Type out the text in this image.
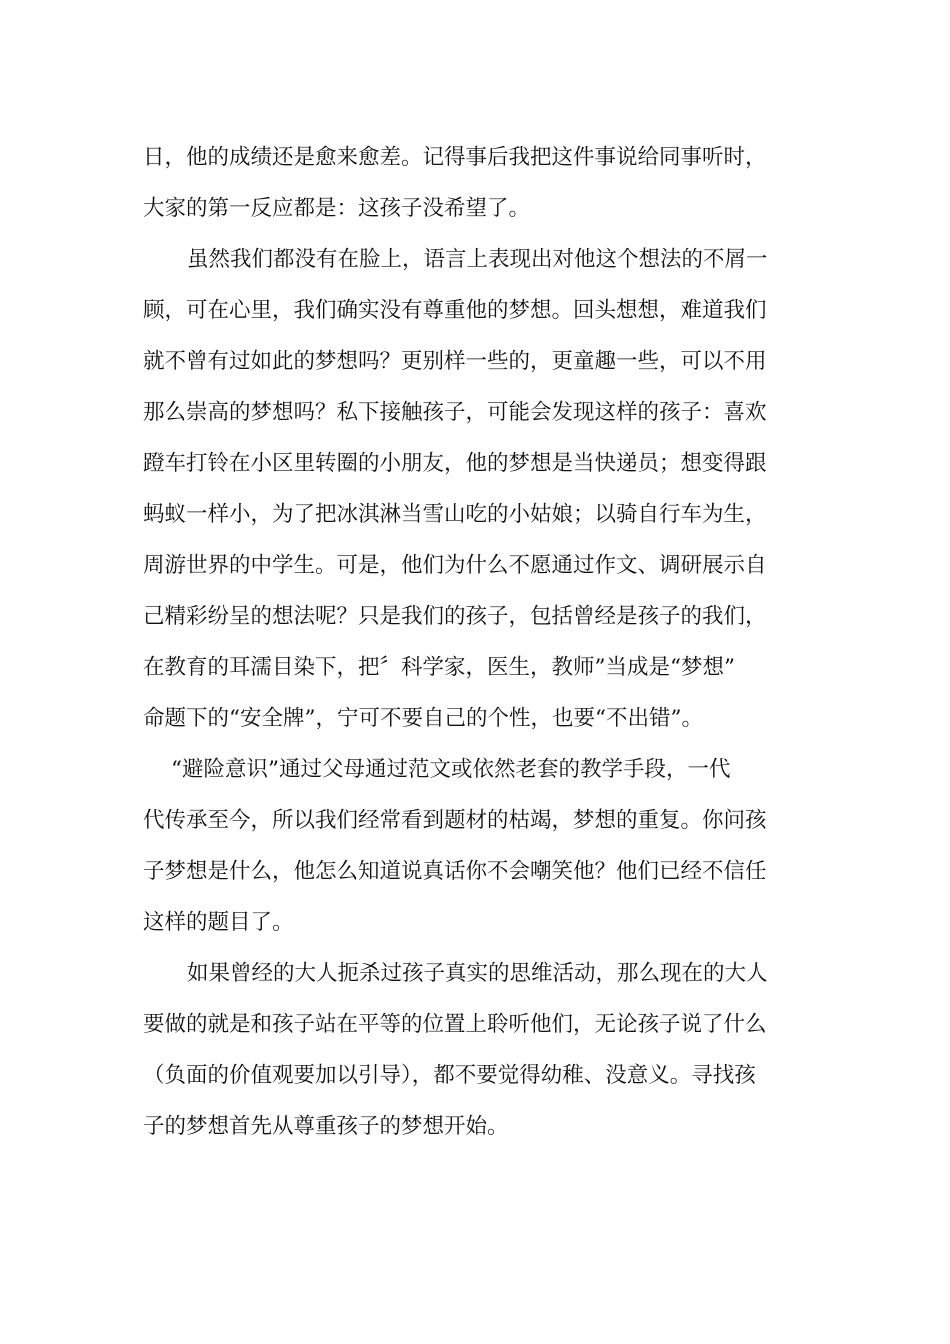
日，他的成绩还是愈来愈差。记得事后我把这件事说给同事听时，
大家的第一反应都是：这孩子没希望了。
虽然我们都没有在脸上，语言上表现出对他这个想法的不屑一
顾，可在心里，我们确实没有尊重他的梦想。回头想想，难道我们
就不曾有过如此的梦想吗？更别样一些的，更童趣一些，可以不用
那么崇高的梦想吗？私下接触孩子，可能会发现这样的孩子：喜欢
蹬车打铃在小区里转圈的小朋友，他的梦想是当快递员；想变得跟
蚂蚁一样小，为了把冰淇淋当雪山吃的小姑娘；以骑自行车为生，
周游世界的中学生。可是，他们为什么不愿通过作文、调研展示自
己精彩纷呈的想法呢？只是我们的孩子，包括曾经是孩子的我们，
在教育的耳濡目染下，把〞科学家，医生，教师”当成是“梦想”
命题下的“安全牌”，宁可不要自己的个性，也要“不出错”。
“避险意识”通过父母通过范文或依然老套的教学手段，一代
代传承至今，所以我们经常看到题材的枯竭，梦想的重复。你问孩
子梦想是什么，他怎么知道说真话你不会嘲笑他？他们已经不信任
这样的题目了。
如果曾经的大人扼杀过孩子真实的思维活动，那么现在的大人
要做的就是和孩子站在平等的位置上聆听他们，无论孩子说了什么
（负面的价值观要加以引导），都不要觉得幼稚、没意义。寻找孩
子的梦想首先从尊重孩子的梦想开始。
